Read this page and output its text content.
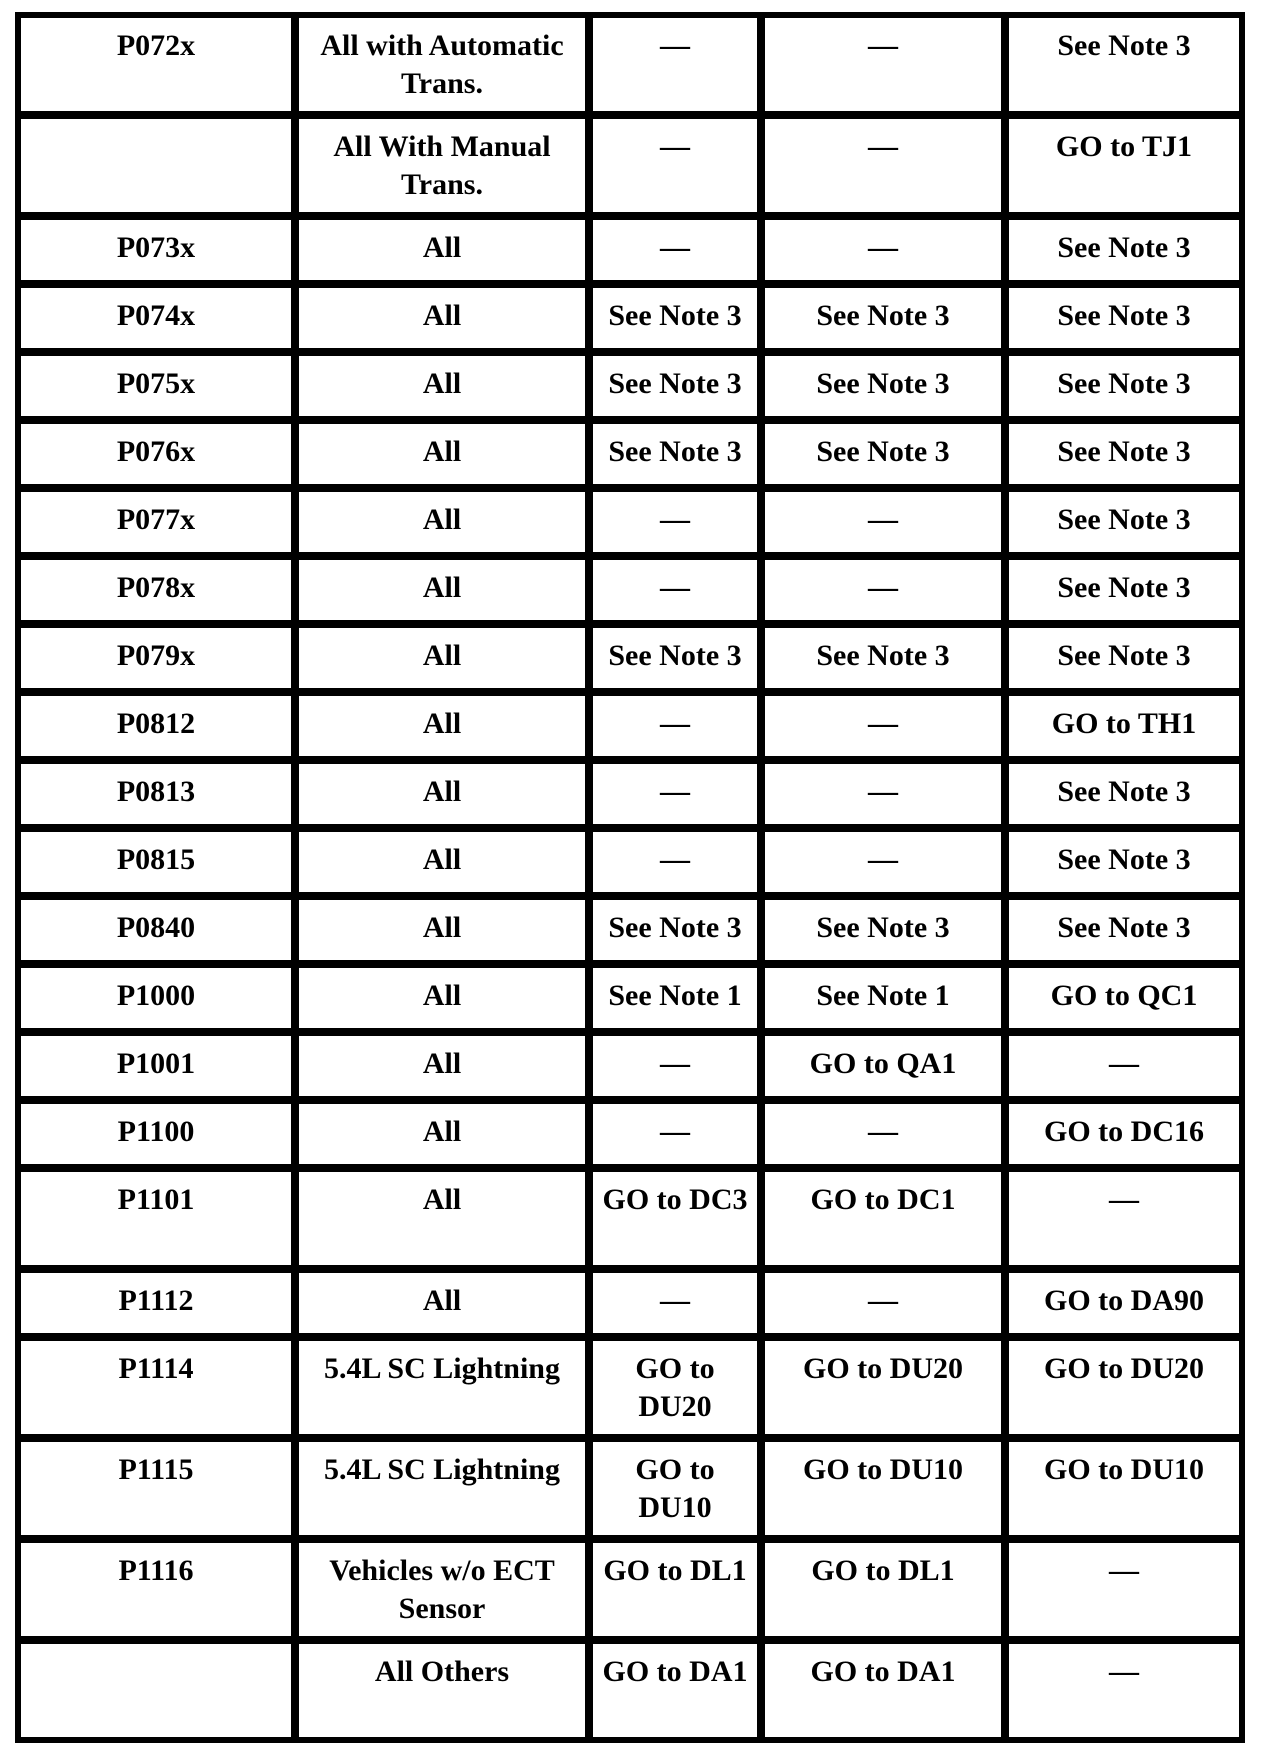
P072x	All with Automatic Trans.	—	—	See Note 3
	All With Manual Trans.	—	—	GO to TJ1
P073x	All	—	—	See Note 3
P074x	All	See Note 3	See Note 3	See Note 3
P075x	All	See Note 3	See Note 3	See Note 3
P076x	All	See Note 3	See Note 3	See Note 3
P077x	All	—	—	See Note 3
P078x	All	—	—	See Note 3
P079x	All	See Note 3	See Note 3	See Note 3
P0812	All	—	—	GO to TH1
P0813	All	—	—	See Note 3
P0815	All	—	—	See Note 3
P0840	All	See Note 3	See Note 3	See Note 3
P1000	All	See Note 1	See Note 1	GO to QC1
P1001	All	—	GO to QA1	—
P1100	All	—	—	GO to DC16
P1101	All	GO to DC3	GO to DC1	—
P1112	All	—	—	GO to DA90
P1114	5.4L SC Lightning	GO to DU20	GO to DU20	GO to DU20
P1115	5.4L SC Lightning	GO to DU10	GO to DU10	GO to DU10
P1116	Vehicles w/o ECT Sensor	GO to DL1	GO to DL1	—
	All Others	GO to DA1	GO to DA1	—
